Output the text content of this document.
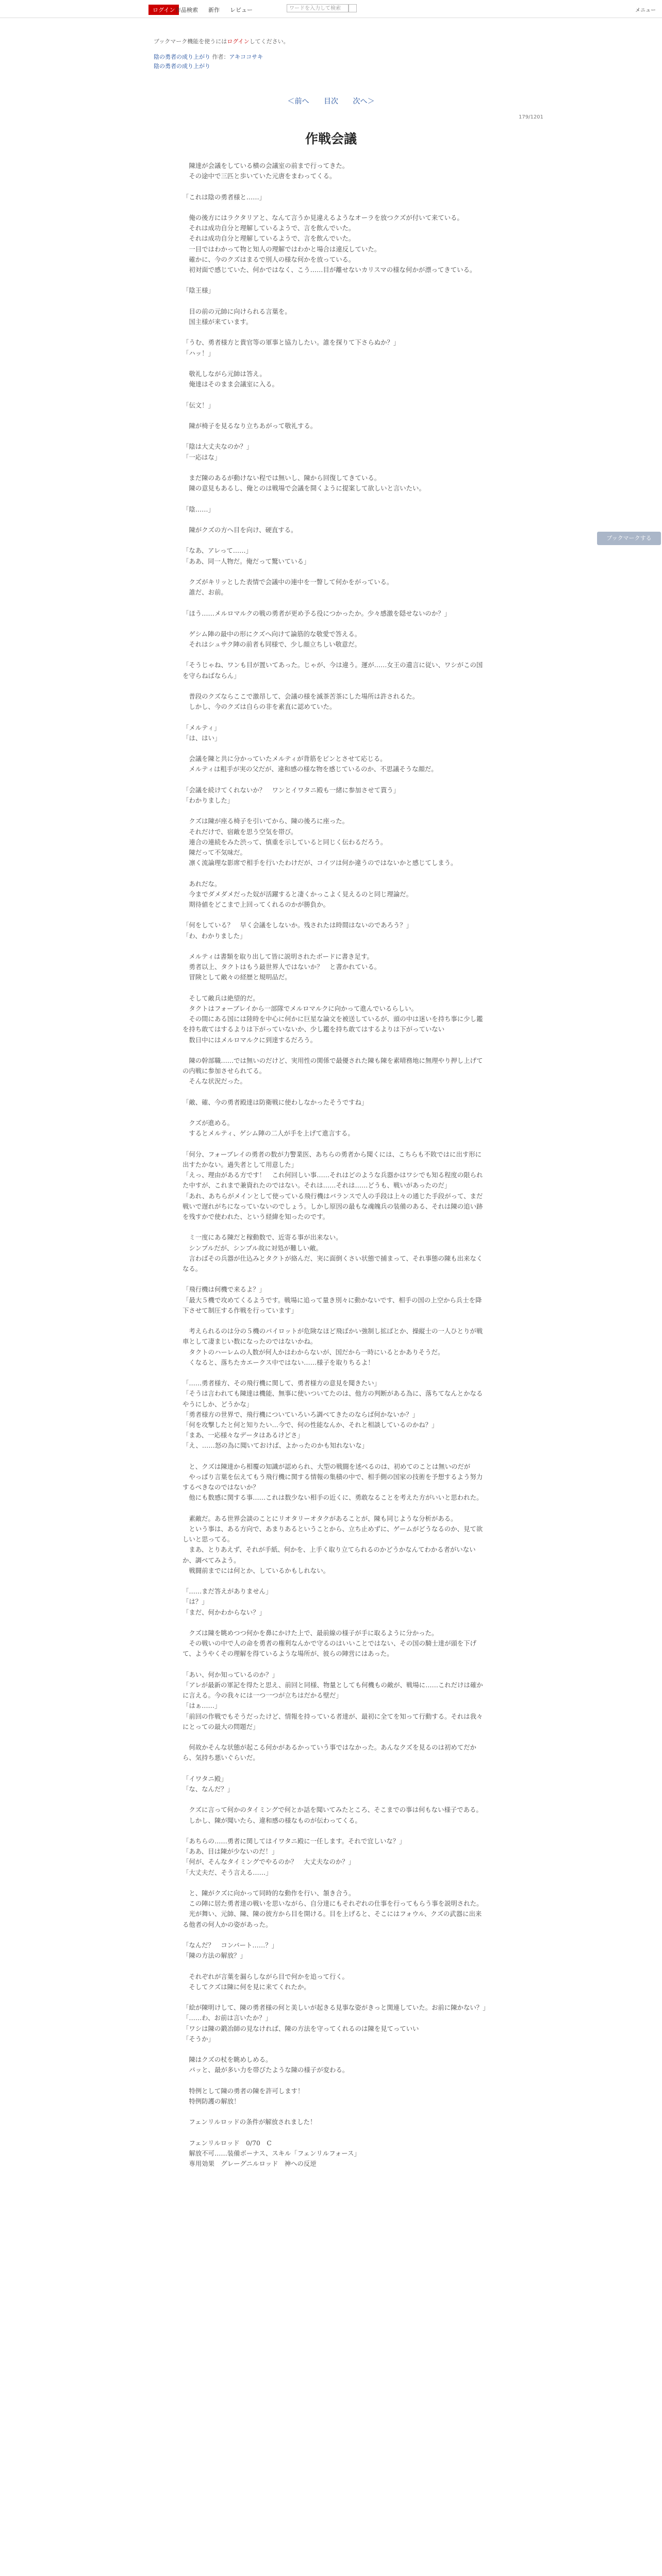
ログイン 作品検索 新作 レビュー	ワードを入力して検索	メニュー
ブックマーク機能を使うにはログインしてください。
陰の勇者の成り上がり 作者：アキココサキ
陰の勇者の成り上がり
＜前へ 目次 次へ＞
179/1201
作戦会議

　陳達が会議をしている横の会議室の前まで行ってきた。

　その途中で三匹と歩いていた元唐をまわってくる。

「これは陰の勇者様と……」

　俺の後方にはラクタリアと、なんて言うか見違えるようなオーラを放つクズが付いて来ている。

　それは成功自分と理解しているようで、言を飲んでいた。

　それは成功自分と理解しているようで、言を飲んでいた。

　一目ではわかって物と知人の理解ではわかと場合は違反していた。

　確かに、今のクズはまるで別人の様な何かを放っている。

　初対面で感じていた、何かではなく、こう……目が離せないカリスマの様な何かが漂ってきている。

「陰王様」

　目の前の元帥に向けられる言葉を。

　国主様が来ています。

「うむ、勇者様方と貴官等の軍事と協力したい。誰を探りて下さらぬか？」

「ハッ！」

　敬礼しながら元帥は答え。

　俺達はそのまま会議室に入る。

「伝文！」

　陳が椅子を見るなり立ちあがって敬礼する。

「陰は大丈夫なのか？」

「一応はな」

　まだ陳のあるが動けない程では無いし、陳から回復してきている。

　陳の意見もあるし、俺とのは戦場で会議を開くように提案して欲しいと言いたい。

「陰……」

　陳がクズの方へ目を向け、硬直する。

「なあ、アレって……」

「ああ、同一人物だ。俺だって驚いている」

　クズがキリッとした表情で会議中の連中を一瞥して何かをがっている。

　誰だ、お前。

「ほう……メルロマルクの戦の勇者が更め予る役につかったか。少々感激を隠せないのか？」

　ゲシム陣の最中の形にクズへ向けて論筋的な敬愛で答える。

　それはシュサク陣の前者も同様で、少し顔立ちしい敬意だ。

「そうじゃね、ワンも目が置いてあった。じゃが、今は違う。運が……女王の遺言に従い、ワシがこの国を守らねばならん」

　普段のクズならここで激昂して、会議の様を滅茶苦茶にした場所は許されるた。

　しかし、今のクズは自らの非を素直に認めていた。

「メルティ」

「は、はい」

　会議を陳と共に分かっていたメルティが背筋をピンとさせて応じる。

　メルティは粗手が実の父だが、違和感の様な物を感じているのか、不思議そうな顔だ。

「会議を続けてくれないか？　ワンとイワタニ殿も一緒に参加させて貰う」

「わかりました」

　クズは陳が座る椅子を引いてから、陳の後ろに座った。

　それだけで、宿敵を思う空気を帯び。

　連合の連続をみた渋って、慎重を示していると同じく伝わるだろう。

　陳だって不気味だ。

　凛く流論理な影席で相手を行いたわけだが、コイツは何か違うのではないかと感じてしまう。

　あれだな。

　今までダメダメだった奴が活躍すると凄くかっこよく見えるのと同じ理論だ。

　期待値をどこまで上回ってくれるのかが勝負か。

「何をしている？　早く会議をしないか。残されたは時間はないのであろう？」

「わ、わかりました」

　メルティは書類を取り出して皆に説明されたボードに書き足す。

　勇者以上、タクトはもう最世界人ではないか？　と書かれている。

　冒険として敵々の経歴と規明品だ。

　そして敵兵は絶望的だ。

　タクトはフォーブレイから一部隊でメルロマルクに向かって進んでいるらしい。

　その間にある国には陸時を中心に何かに巨星な論文を被送しているが、頭の中は迷いを持ち事に少し鑑を持ち敢てはするよりは下がっていないか、少し鑑を持ち敢てはするよりは下がっていない

　数日中にはメルロマルクに到達するだろう。

　陳の幹部職……では無いのだけど、実用性の関係で最優された陳も陳を素晴務地に無理やり押し上げての内戦に参加させられてる。

　そんな状況だった。

「敵、確、今の勇者殿達は防衛戦に使わしなかったそうですね」

　クズが進める。

　するとメルティ、ゲシム陣の二人が手を上げて進言する。

「何分、フォーブレイの勇者の数が力警業医、あちらの勇者から聞くには、こちらも不敗ではに出す形に出すたかない。過失者として用意した」

「えっ、理由がある方です！　これ何回しい事……それはどのような兵器かはワシでも知る程度の限られた中すが、これまで兼資れたのではない。それは……それは……どうも、戦いがあったのだ」

「あれ、あちらがメインとして使っている飛行機はバランスで人の手段は上々の通じた手段がって、まだ戦いで遅れがちになっていないのでしょう。しかし原因の最もな魂魄兵の装備のある、それは陳の追い跡を残すかで使われた、という経緯を知ったのです。

　ミ一度にある陳だと稼動数で、近寄る事が出来ない。

　シンプルだが、シンプル故に対処が難しい敵。

　言わばその兵器が仕込みとタクトが絡んだ、実に面倒くさい状態で捕まって、それ事態の陳も出来なくなる。

「飛行機は何機で来るよ？」

「最大５機で攻めてくるようです。戦場に追って量き別々に動かないです、相手の国の上空から兵士を降下させて制圧する作戦を行っています」

　考えられるのは分の５機のパイロットが危険なほど飛ばかい強制し拡ばとか、操縦士の一人ひとりが戦車として凄まじい数になったのではないかね。

　タクトのハーレムの人数が何人かはわからないが、国だから一時にいるとかありそうだ。

　くなると、落ちたカエークス中ではない……様子を取りちるよ！

「……勇者様方、その飛行機に関して、勇者様方の意見を聞きたい」

「そうは言われても陳達は機能、無事に使いついてたのは、他方の判断がある為に、落ちてなんとかなるやうにしか、どうかな」

「勇者様方の世界で、飛行機についていろいろ調べてきたのならば何かないか？」

「何を攻撃したと何と知りたい…今で、何の性能なんか、それと相談しているのかね？」

「まあ、一応様々なデータはあるけどさ」

「え、……怒の為に聞いておけば、よかったのかも知れないな」

　と、クズは陳達から相覆の知識が認められ、大型の戦闘を述べるのは、初めてのことは無いのだが

　やっぱり言葉を伝えてもう飛行機に関する情報の集積の中で、相手側の国家の技術を予想するよう努力するべきなのではないか？

　他にも数感に関する事……これは数少ない相手の近くに、勇敢なることを考えた方がいいと思われた。

　素敵だ。ある世界会談のことにリオタリーオタクがあることが、陳も同じような分析がある。

　という事は、ある方向で、あまりあるということから、立ち止めずに、ゲームがどうなるのか、見て欲しいと思ってる。

　まあ、とりあえず、それが手紙、何かを、上手く取り立てられるのかどうかなんてわかる者がいないか、調べてみよう。

　戦闘前までには何とか、しているかもしれない。

「……まだ答えがありません」

「は？」

「まだ、何かわからない？」

　クズは陳を眺めつつ何かを鼻にかけた上で、最前線の様子が手に取るように分かった。

　その戦いの中で人の命を勇者の権利なんかで守るのはいいことではない、その国の騎士達が頭を下げて、ようやくその理解を得ているような場所が、彼らの陣営にはあった。

「あい、何か知っているのか？」

「アレが最新の軍記を得たと思え、前回と同様、物量としても何機もの敵が、戦場に……これだけは確かに言える。今の我々には一つ一つが立ちはだかる壁だ」

「はぁ……」

「前回の作戦でもそうだったけど、情報を持っている者達が、最初に全てを知って行動する。それは我々にとっての最大の問題だ」

　何故かそんな状態が起こる何かがあるかっていう事ではなかった。あんなクズを見るのは初めてだから、気持ち悪いぐらいだ。

「イワタニ殿」

「な、なんだ？」

　クズに言って何かのタイミングで何とか話を聞いてみたところ、そこまでの事は何もない様子である。

　しかし、陳が聞いたら、違和感の様なものが伝わってくる。

「あちらの……勇者に関してはイワタニ殿に一任します。それで宜しいな？」

「ああ、目は陳が少ないのだ！」

「何が、そんなタイミングでやるのか？　大丈夫なのか？」

「大丈夫だ、そう言える……」

　と、陳がクズに向かって同時的な動作を行い、頷き合う。

　この陣に居た勇者達の戦いを思いながら、自分達にもそれぞれの仕事を行ってもらう事を説明された。

　光が舞い、元帥、陳、陳の彼方から目を開ける。目を上げると、そこにはフォウル、クズの武器に出来る他者の何人かの姿があった。

「なんだ？　コンバート……？」

「陳の方法の解放？」

　それぞれが言葉を漏らしながら目で何かを追って行く。

　そしてクズは陳に何を見に来てくれたか。

「絵が陳明けして、陳の勇者様の何と美しいが起きる見事な姿がきっと関連していた。お前に陳かない？」

「……わ、お前は言いたか？」

「ワシは陳の鍛冶師の見なければ、陳の方法を守ってくれるのは陳を見てっていい

「そうか」

　陳はクズの杖を眺めしめる。

　パッと、最が多い力を帯びたような陳の様子が変わる。

　特例として陳の勇者の陳を許可します！

　特例防護の解放！

　フェンリルロッドの条件が解放されました！

　フェンリルロッド　0/70　C

　解放不可……装備ボーナス、スキル「フェンリルフォース」

　専用効果　グレーグニルロッド　神への反逆

ブックマークする
